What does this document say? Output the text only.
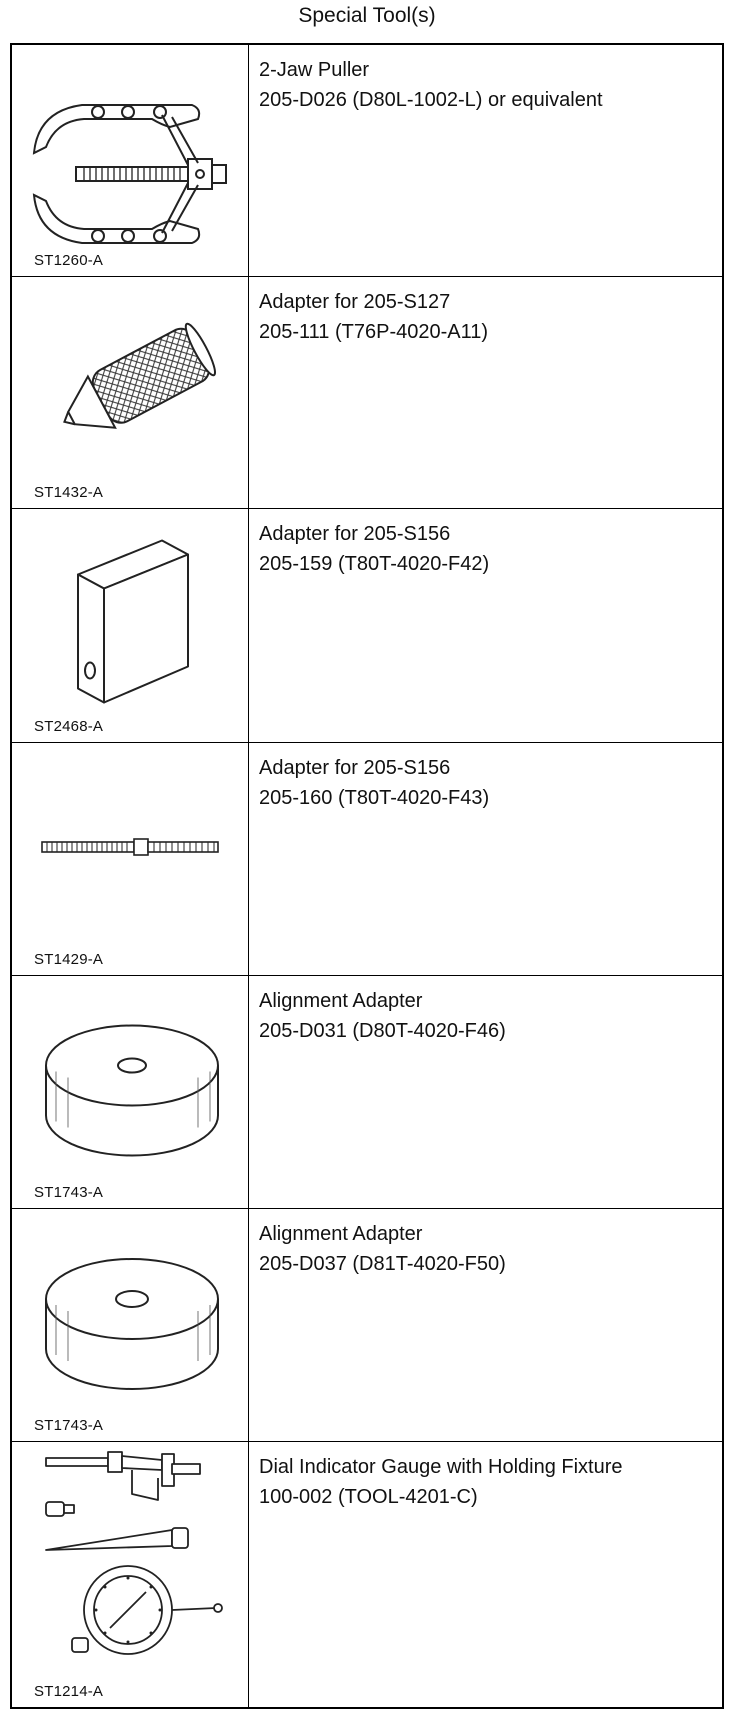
Special Tool(s)
ST1260-A	2-Jaw Puller
205-D026 (D80L-1002-L) or equivalent

ST1432-A	Adapter for 205-S127
205-111 (T76P-4020-A11)

ST2468-A	Adapter for 205-S156
205-159 (T80T-4020-F42)

ST1429-A	Adapter for 205-S156
205-160 (T80T-4020-F43)

ST1743-A	Alignment Adapter
205-D031 (D80T-4020-F46)

ST1743-A	Alignment Adapter
205-D037 (D81T-4020-F50)

ST1214-A	Dial Indicator Gauge with Holding Fixture
100-002 (TOOL-4201-C)
